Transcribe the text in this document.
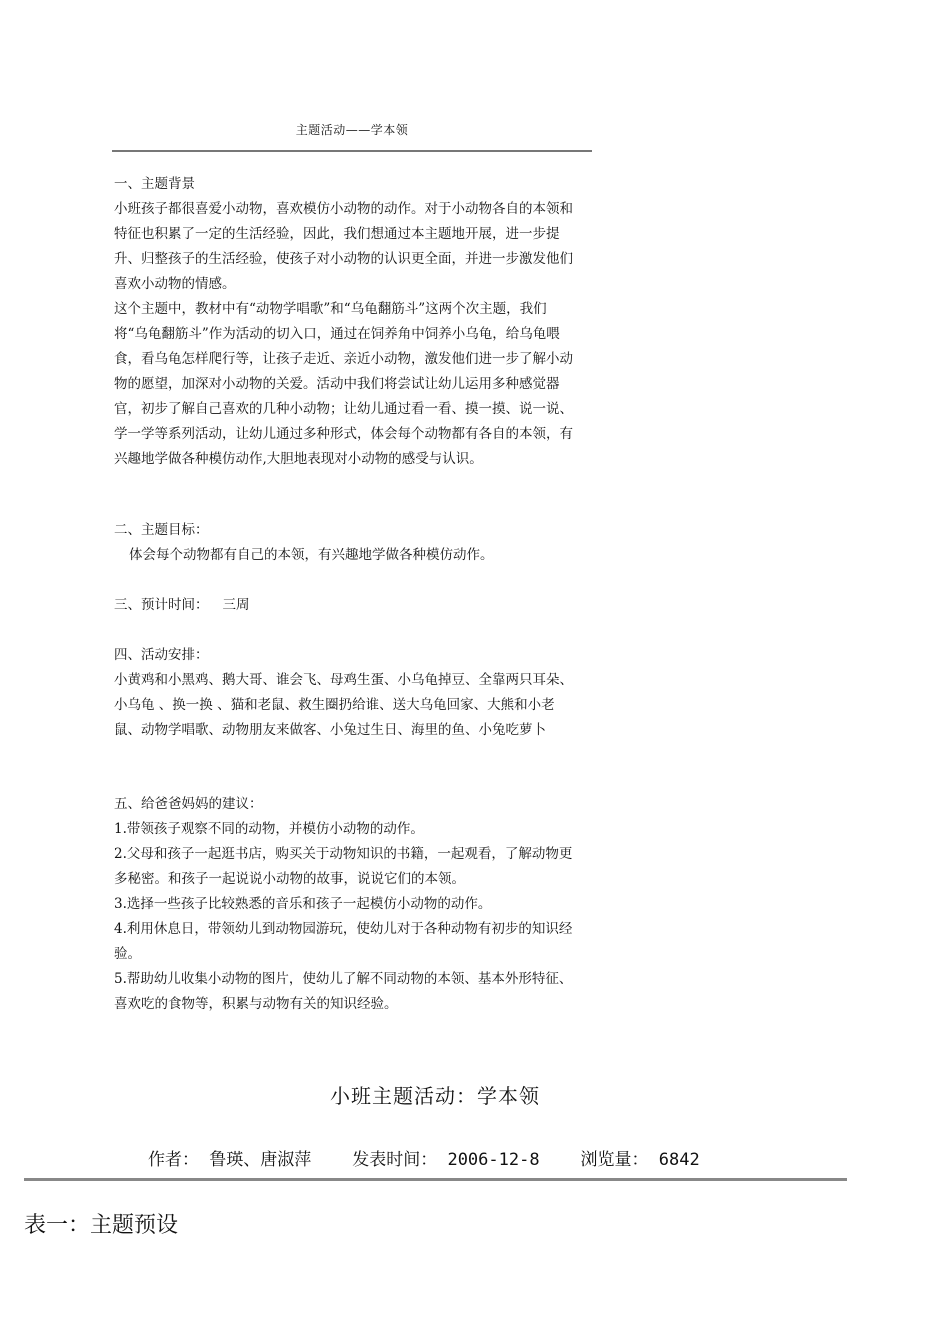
主题活动——学本领

一、主题背景

小班孩子都很喜爱小动物，喜欢模仿小动物的动作。对于小动物各自的本领和特征也积累了一定的生活经验，因此，我们想通过本主题地开展，进一步提升、归整孩子的生活经验，使孩子对小动物的认识更全面，并进一步激发他们喜欢小动物的情感。

这个主题中，教材中有“动物学唱歌”和“乌龟翻筋斗”这两个次主题，我们将“乌龟翻筋斗”作为活动的切入口，通过在饲养角中饲养小乌龟，给乌龟喂食，看乌龟怎样爬行等，让孩子走近、亲近小动物，激发他们进一步了解小动物的愿望，加深对小动物的关爱。活动中我们将尝试让幼儿运用多种感觉器官，初步了解自己喜欢的几种小动物；让幼儿通过看一看、摸一摸、说一说、学一学等系列活动，让幼儿通过多种形式，体会每个动物都有各自的本领，有兴趣地学做各种模仿动作,大胆地表现对小动物的感受与认识。

二、主题目标：

体会每个动物都有自己的本领，有兴趣地学做各种模仿动作。

三、预计时间： 三周

四、活动安排：

小黄鸡和小黑鸡、鹅大哥、谁会飞、母鸡生蛋、小乌龟掉豆、全靠两只耳朵、小乌龟 、换一换 、猫和老鼠、救生圈扔给谁、送大乌龟回家、大熊和小老鼠、动物学唱歌、动物朋友来做客、小兔过生日、海里的鱼、小兔吃萝卜

五、给爸爸妈妈的建议：

1.带领孩子观察不同的动物，并模仿小动物的动作。

2.父母和孩子一起逛书店，购买关于动物知识的书籍，一起观看，了解动物更多秘密。和孩子一起说说小动物的故事，说说它们的本领。

3.选择一些孩子比较熟悉的音乐和孩子一起模仿小动物的动作。

4.利用休息日，带领幼儿到动物园游玩，使幼儿对于各种动物有初步的知识经验。

5.帮助幼儿收集小动物的图片，使幼儿了解不同动物的本领、基本外形特征、喜欢吃的食物等，积累与动物有关的知识经验。

小班主题活动：学本领
作者： 鲁瑛、唐淑萍 发表时间： 2006-12-8 浏览量： 6842
表一：主题预设
